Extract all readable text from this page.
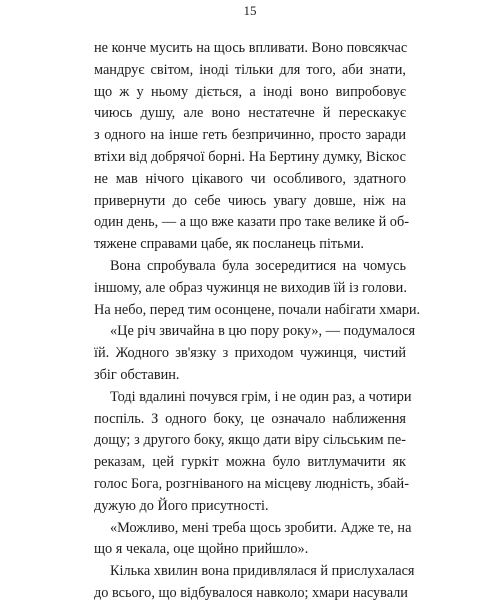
15
не конче мусить на щось впливати. Воно повсякчас
мандрує світом, іноді тільки для того, аби знати,
що ж у ньому діється, а іноді воно випробовує
чиюсь душу, але воно нестатечне й перескакує
з одного на інше геть безпричинно, просто заради
втіхи від добрячої борні. На Бертину думку, Віскос
не мав нічого цікавого чи особливого, здатного
привернути до себе чиюсь увагу довше, ніж на
один день, — а що вже казати про таке велике й об-
тяжене справами цабе, як посланець пітьми.
Вона спробувала була зосередитися на чомусь
іншому, але образ чужинця не виходив їй із голови.
На небо, перед тим осонцене, почали набігати хмари.
«Це річ звичайна в цю пору року», — подумалося
їй. Жодного зв'язку з приходом чужинця, чистий
збіг обставин.
Тоді вдалині почувся грім, і не один раз, а чотири
поспіль. З одного боку, це означало наближення
дощу; з другого боку, якщо дати віру сільським пе-
реказам, цей гуркіт можна було витлумачити як
голос Бога, розгніваного на місцеву людність, збай-
дужую до Його присутності.
«Можливо, мені треба щось зробити. Адже те, на
що я чекала, оце щойно прийшло».
Кілька хвилин вона придивлялася й прислухалася
до всього, що відбувалося навколо; хмари насували
